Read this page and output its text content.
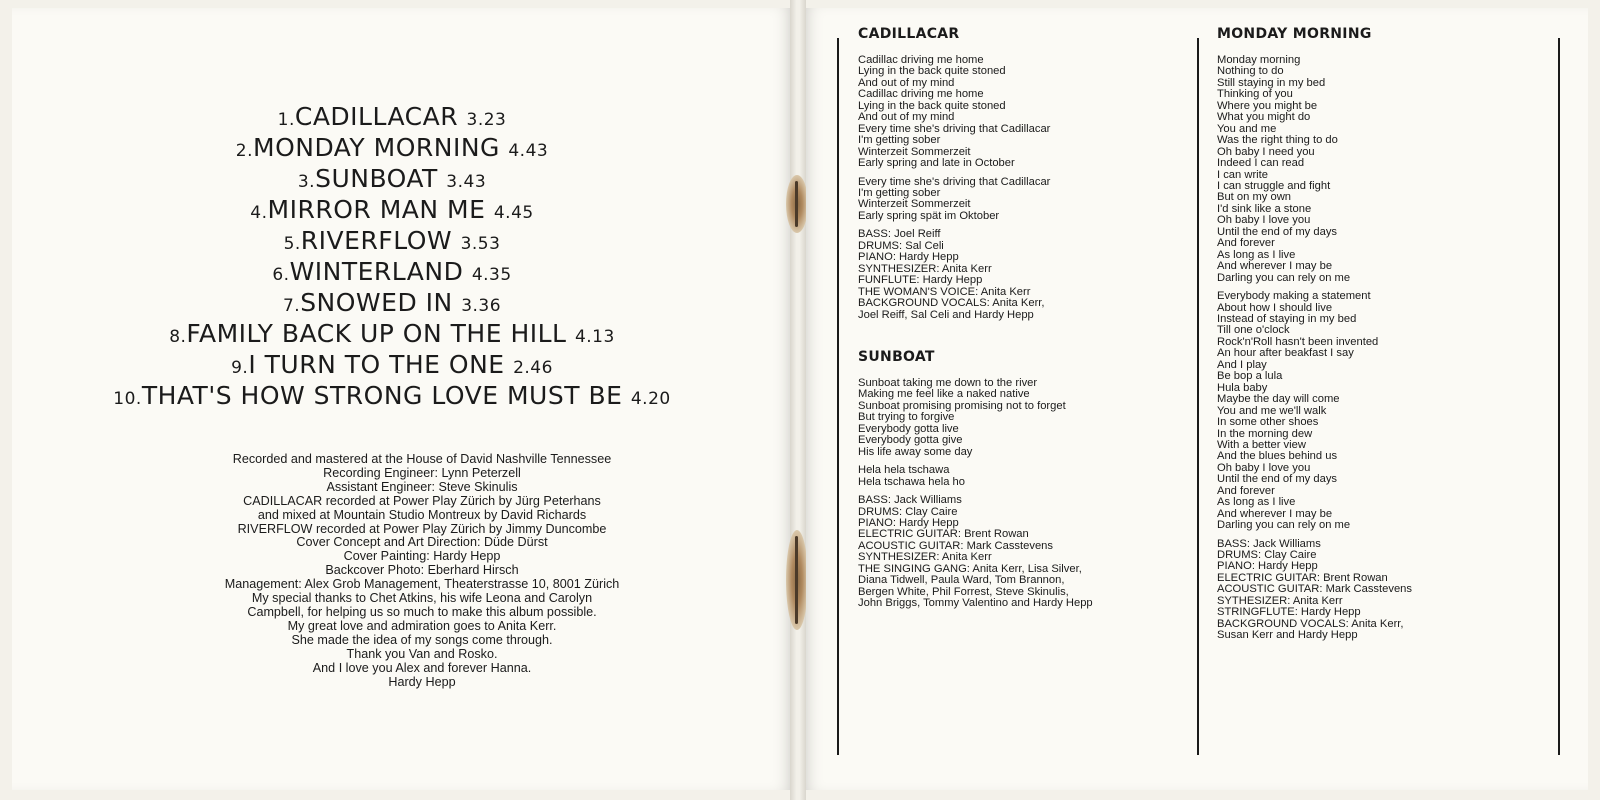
1.CADILLACAR 3.23
2.MONDAY MORNING 4.43
3.SUNBOAT 3.43
4.MIRROR MAN ME 4.45
5.RIVERFLOW 3.53
6.WINTERLAND 4.35
7.SNOWED IN 3.36
8.FAMILY BACK UP ON THE HILL 4.13
9.I TURN TO THE ONE 2.46
10.THAT'S HOW STRONG LOVE MUST BE 4.20
Recorded and mastered at the House of David Nashville Tennessee
Recording Engineer: Lynn Peterzell
Assistant Engineer: Steve Skinulis
CADILLACAR recorded at Power Play Zürich by Jürg Peterhans
and mixed at Mountain Studio Montreux by David Richards
RIVERFLOW recorded at Power Play Zürich by Jimmy Duncombe
Cover Concept and Art Direction: Düde Dürst
Cover Painting: Hardy Hepp
Backcover Photo: Eberhard Hirsch
Management: Alex Grob Management, Theaterstrasse 10, 8001 Zürich
My special thanks to Chet Atkins, his wife Leona and Carolyn
Campbell, for helping us so much to make this album possible.
My great love and admiration goes to Anita Kerr.
She made the idea of my songs come through.
Thank you Van and Rosko.
And I love you Alex and forever Hanna.
Hardy Hepp
CADILLACAR
Cadillac driving me home
Lying in the back quite stoned
And out of my mind
Cadillac driving me home
Lying in the back quite stoned
And out of my mind
Every time she's driving that Cadillacar
I'm getting sober
Winterzeit Sommerzeit
Early spring and late in October
Every time she's driving that Cadillacar
I'm getting sober
Winterzeit Sommerzeit
Early spring spät im Oktober
BASS: Joel Reiff
DRUMS: Sal Celi
PIANO: Hardy Hepp
SYNTHESIZER: Anita Kerr
FUNFLUTE: Hardy Hepp
THE WOMAN'S VOICE: Anita Kerr
BACKGROUND VOCALS: Anita Kerr,
Joel Reiff, Sal Celi and Hardy Hepp
SUNBOAT
Sunboat taking me down to the river
Making me feel like a naked native
Sunboat promising promising not to forget
But trying to forgive
Everybody gotta live
Everybody gotta give
His life away some day
Hela hela tschawa
Hela tschawa hela ho
BASS: Jack Williams
DRUMS: Clay Caire
PIANO: Hardy Hepp
ELECTRIC GUITAR: Brent Rowan
ACOUSTIC GUITAR: Mark Casstevens
SYNTHESIZER: Anita Kerr
THE SINGING GANG: Anita Kerr, Lisa Silver,
Diana Tidwell, Paula Ward, Tom Brannon,
Bergen White, Phil Forrest, Steve Skinulis,
John Briggs, Tommy Valentino and Hardy Hepp
MONDAY MORNING
Monday morning
Nothing to do
Still staying in my bed
Thinking of you
Where you might be
What you might do
You and me
Was the right thing to do
Oh baby I need you
Indeed I can read
I can write
I can struggle and fight
But on my own
I'd sink like a stone
Oh baby I love you
Until the end of my days
And forever
As long as I live
And wherever I may be
Darling you can rely on me
Everybody making a statement
About how I should live
Instead of staying in my bed
Till one o'clock
Rock'n'Roll hasn't been invented
An hour after beakfast I say
And I play
Be bop a lula
Hula baby
Maybe the day will come
You and me we'll walk
In some other shoes
In the morning dew
With a better view
And the blues behind us
Oh baby I love you
Until the end of my days
And forever
As long as I live
And wherever I may be
Darling you can rely on me
BASS: Jack Williams
DRUMS: Clay Caire
PIANO: Hardy Hepp
ELECTRIC GUITAR: Brent Rowan
ACOUSTIC GUITAR: Mark Casstevens
SYTHESIZER: Anita Kerr
STRINGFLUTE: Hardy Hepp
BACKGROUND VOCALS: Anita Kerr,
Susan Kerr and Hardy Hepp
